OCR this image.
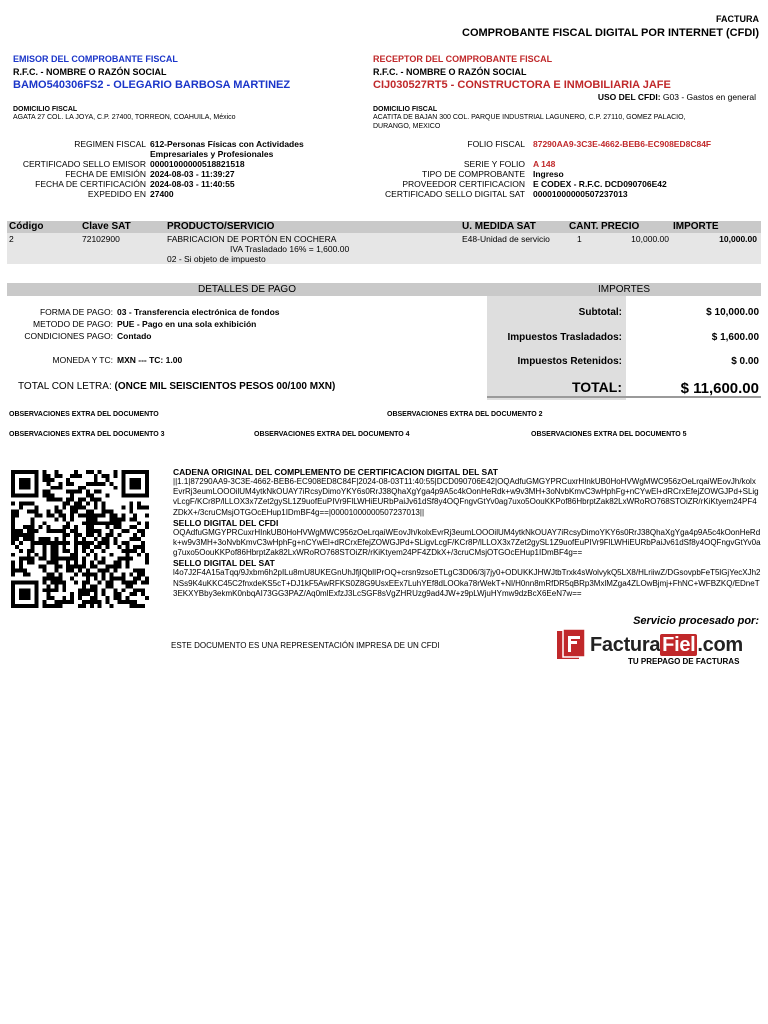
FACTURA
COMPROBANTE FISCAL DIGITAL POR INTERNET (CFDI)
EMISOR DEL COMPROBANTE FISCAL
R.F.C. - NOMBRE O RAZÓN SOCIAL
BAMO540306FS2 - OLEGARIO BARBOSA MARTINEZ
DOMICILIO FISCAL
AGATA 27 COL. LA JOYA, C.P. 27400, TORREON, COAHUILA, México
RECEPTOR DEL COMPROBANTE FISCAL
R.F.C. - NOMBRE O RAZÓN SOCIAL
CIJ030527RT5 - CONSTRUCTORA E INMOBILIARIA JAFE
USO DEL CFDI: G03 - Gastos en general
DOMICILIO FISCAL
ACATITA DE BAJAN 300 COL. PARQUE INDUSTRIAL LAGUNERO, C.P. 27110, GOMEZ PALACIO,
DURANGO, MEXICO
REGIMEN FISCAL 612-Personas Físicas con Actividades Empresariales y Profesionales
CERTIFICADO SELLO EMISOR 00001000000518821518
FECHA DE EMISIÓN 2024-08-03 - 11:39:27
FECHA DE CERTIFICACIÓN 2024-08-03 - 11:40:55
EXPEDIDO EN 27400
FOLIO FISCAL 87290AA9-3C3E-4662-BEB6-EC908ED8C84F
SERIE Y FOLIO A 148
TIPO DE COMPROBANTE Ingreso
PROVEEDOR CERTIFICACION E CODEX - R.F.C. DCD090706E42
CERTIFICADO SELLO DIGITAL SAT 00001000000507237013
Código	Clave SAT	PRODUCTO/SERVICIO	U. MEDIDA SAT	CANT. PRECIO	IMPORTE
2	72102900	FABRICACION DE PORTÓN EN COCHERA
IVA Trasladado 16% = 1,600.00
02 - Si objeto de impuesto
E48-Unidad de servicio	1	10,000.00	10,000.00
DETALLES DE PAGO
FORMA DE PAGO: 03 - Transferencia electrónica de fondos
METODO DE PAGO: PUE - Pago en una sola exhibición
CONDICIONES PAGO: Contado
MONEDA Y TC: MXN --- TC: 1.00
TOTAL CON LETRA: (ONCE MIL SEISCIENTOS PESOS 00/100 MXN)
IMPORTES
Subtotal:	$ 10,000.00
Impuestos Trasladados:	$ 1,600.00
Impuestos Retenidos:	$ 0.00
TOTAL:	$ 11,600.00
OBSERVACIONES EXTRA DEL DOCUMENTO	OBSERVACIONES EXTRA DEL DOCUMENTO 2
OBSERVACIONES EXTRA DEL DOCUMENTO 3	OBSERVACIONES EXTRA DEL DOCUMENTO 4	OBSERVACIONES EXTRA DEL DOCUMENTO 5
CADENA ORIGINAL DEL COMPLEMENTO DE CERTIFICACION DIGITAL DEL SAT
||1.1|87290AA9-3C3E-4662-BEB6-EC908ED8C84F|2024-08-03T11:40:55|DCD090706E42|OQAdfuGMGYPRCuxrHInkUB0HoHVWgMWC956zOeLrqaiWEovJh/kolxEvrRj3eumLOOOilUM4ytkNkOUAY7iRcsyDimoYKY6s0RrJ38QhaXgYga4p9A5c4kOonHeRdk+w9v3MH+3oNvbKmvC3wHphFg+nCYwEl+dRCrxEfejZOWGJPd+SLigvLcgF/KCr8P/lLLOX3x7Zet2gySL1Z9uofEuPIVr9FlLWHiEURbPaiJv61dSf8y4OQFngvGtYv0ag7uxo5OouKKPof86HbrptZak82LxWRoRO768STOiZR/rKiKtyem24PF4ZDkX+/3cruCMsjOTGOcEHup1IDmBF4g==|00001000000507237013||
SELLO DIGITAL DEL CFDI
OQAdfuGMGYPRCuxrHInkUB0HoHVWgMWC956zOeLrqaiWEovJh/kolxEvrRj3eumLOOOilUM4ytkNkOUAY7iRcsyDimoYKY6s0RrJ38QhaXgYga4p9A5c4kOonHeRdk+w9v3MH+3oNvbKmvC3wHphFg+nCYwEl+dRCrxEfejZOWGJPd+SLigvLcgF/KCr8P/lLLOX3x7Zet2gySL1Z9uofEuPIVr9FlLWHiEURbPaiJv61dSf8y4OQFngvGtYv0ag7uxo5OouKKPof86HbrptZak82LxWRoRO768STOiZR/rKiKtyem24PF4ZDkX+/3cruCMsjOTGOcEHup1IDmBF4g==
SELLO DIGITAL DEL SAT
l4o7J2F4A15aTqq/9Jxbm6h2pILu8mU8UKEGnUhJfjlQblIPrOQ+crsn9zsoETLgC3D06/3j7jy0+ODUKKJHWJtbTrxk4sWolvykQ5LX8/HLriiwZ/DGsovpbFeT5lGjYecXJh2NSs9K4uKKC45C2fnxdeKS5cT+DJ1kF5AwRFKS0Z8G9UsxEEx7LuhYEf8dLOOka78rWekT+Nl/H0nn8mRfDR5qBRp3MxlMZga4ZLOwBjmj+FhNC+WFBZKQ/EDneT3EKXYBby3ekmK0nbqAI73GG3PAZ/Aq0mlExfzJ3LcSGF8sVgZHRUzg9ad4JW+z9pLWjuHYmw9dzBcX6EeN7w==
Servicio procesado por:
ESTE DOCUMENTO ES UNA REPRESENTACIÓN IMPRESA DE UN CFDI	Factura Fiel .com
TU PREPAGO DE FACTURAS
